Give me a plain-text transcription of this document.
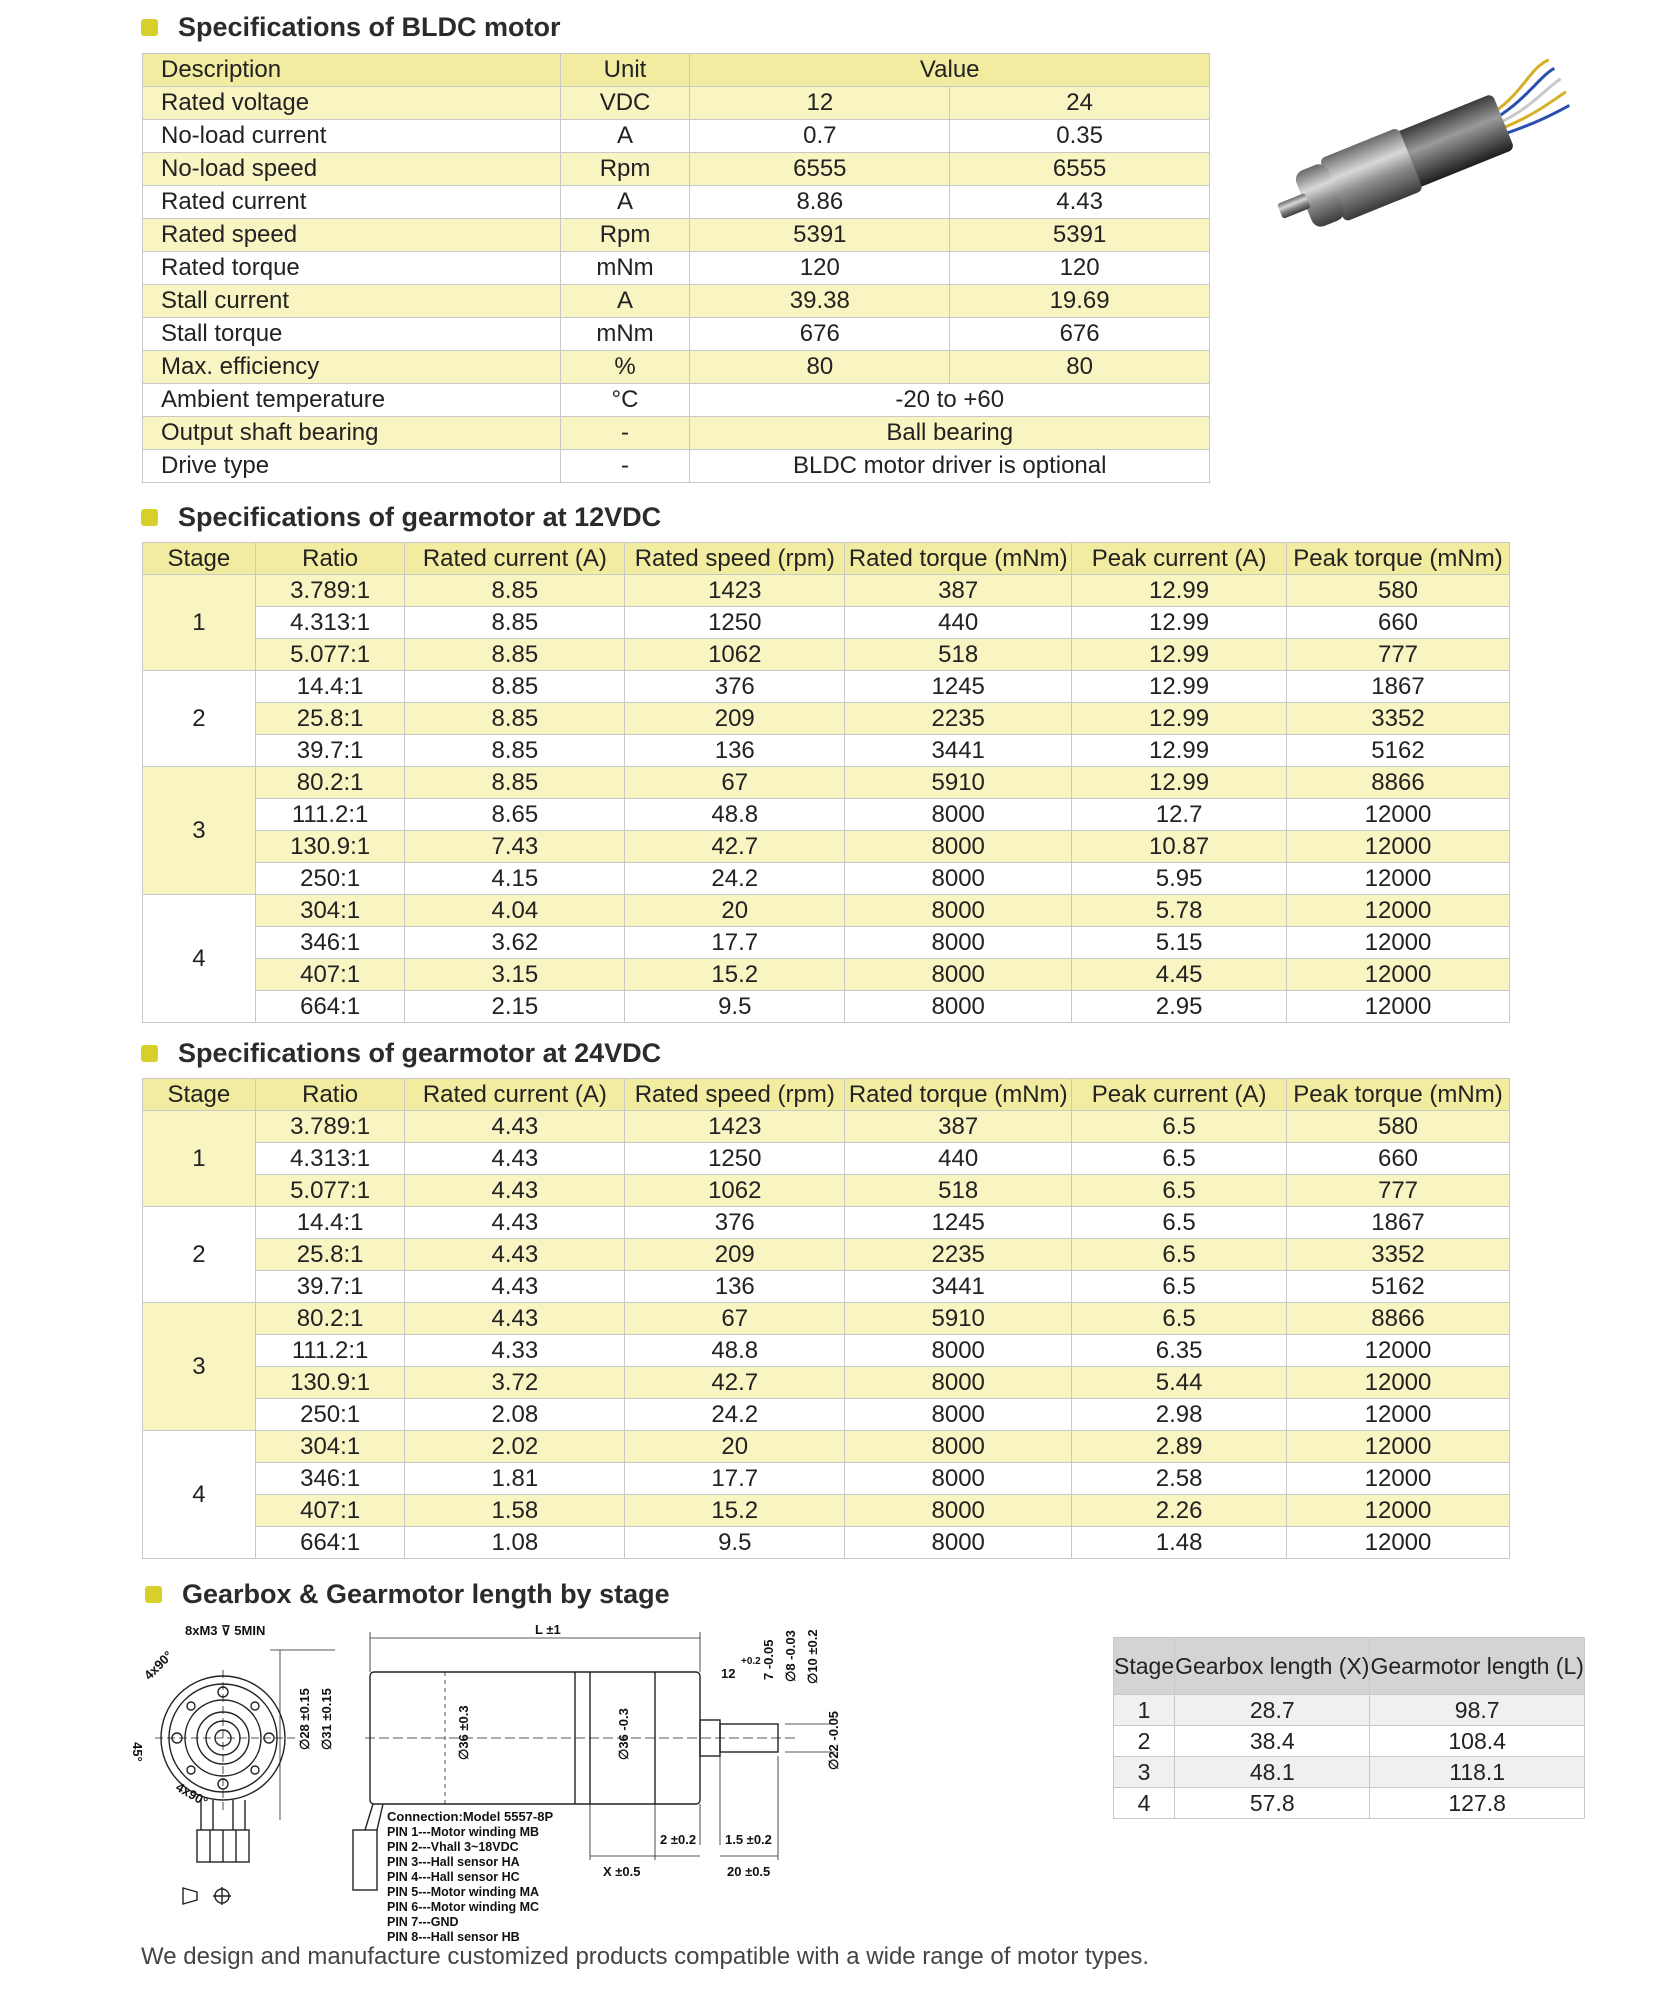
Specifications of BLDC motor
Description	Unit	Value	
Rated voltage	VDC	12	24
No-load current	A	0.7	0.35
No-load speed	Rpm	6555	6555
Rated current	A	8.86	4.43
Rated speed	Rpm	5391	5391
Rated torque	mNm	120	120
Stall current	A	39.38	19.69
Stall torque	mNm	676	676
Max. efficiency	%	80	80
Ambient temperature	°C	-20 to +60	
Output shaft bearing	-	Ball bearing	
Drive type	-	BLDC motor driver is optional	
Specifications of gearmotor at 12VDC
Stage	Ratio	Rated current (A)	Rated speed (rpm)	Rated torque (mNm)	Peak current (A)	Peak torque (mNm)
1	3.789:1	8.85	1423	387	12.99	580
	4.313:1	8.85	1250	440	12.99	660
	5.077:1	8.85	1062	518	12.99	777
2	14.4:1	8.85	376	1245	12.99	1867
	25.8:1	8.85	209	2235	12.99	3352
	39.7:1	8.85	136	3441	12.99	5162
3	80.2:1	8.85	67	5910	12.99	8866
	111.2:1	8.65	48.8	8000	12.7	12000
	130.9:1	7.43	42.7	8000	10.87	12000
	250:1	4.15	24.2	8000	5.95	12000
4	304:1	4.04	20	8000	5.78	12000
	346:1	3.62	17.7	8000	5.15	12000
	407:1	3.15	15.2	8000	4.45	12000
	664:1	2.15	9.5	8000	2.95	12000
Specifications of gearmotor at 24VDC
Stage	Ratio	Rated current (A)	Rated speed (rpm)	Rated torque (mNm)	Peak current (A)	Peak torque (mNm)
1	3.789:1	4.43	1423	387	6.5	580
	4.313:1	4.43	1250	440	6.5	660
	5.077:1	4.43	1062	518	6.5	777
2	14.4:1	4.43	376	1245	6.5	1867
	25.8:1	4.43	209	2235	6.5	3352
	39.7:1	4.43	136	3441	6.5	5162
3	80.2:1	4.43	67	5910	6.5	8866
	111.2:1	4.33	48.8	8000	6.35	12000
	130.9:1	3.72	42.7	8000	5.44	12000
	250:1	2.08	24.2	8000	2.98	12000
4	304:1	2.02	20	8000	2.89	12000
	346:1	1.81	17.7	8000	2.58	12000
	407:1	1.58	15.2	8000	2.26	12000
	664:1	1.08	9.5	8000	1.48	12000
Gearbox & Gearmotor length by stage
8xM3 ⊽ 5MIN
4x90°
45°
4x90°
∅28 ±0.15 ∅31 ±0.15
L ±1
∅36 ±0.3	∅36 -0.3	∅22 -0.05
12
+0.2 7 -0.05 ∅8 -0.03 ∅10 ±0.2
2 ±0.2 1.5 ±0.2
X ±0.5	20 ±0.5
Connection:Model 5557-8P
PIN 1---Motor winding MB
PIN 2---Vhall 3~18VDC
PIN 3---Hall sensor HA
PIN 4---Hall sensor HC
PIN 5---Motor winding MA
PIN 6---Motor winding MC
PIN 7---GND
PIN 8---Hall sensor HB
Stage	Gearbox length (X)	Gearmotor length (L)
1	28.7	98.7
2	38.4	108.4
3	48.1	118.1
4	57.8	127.8
We design and manufacture customized products compatible with a wide range of motor types.
